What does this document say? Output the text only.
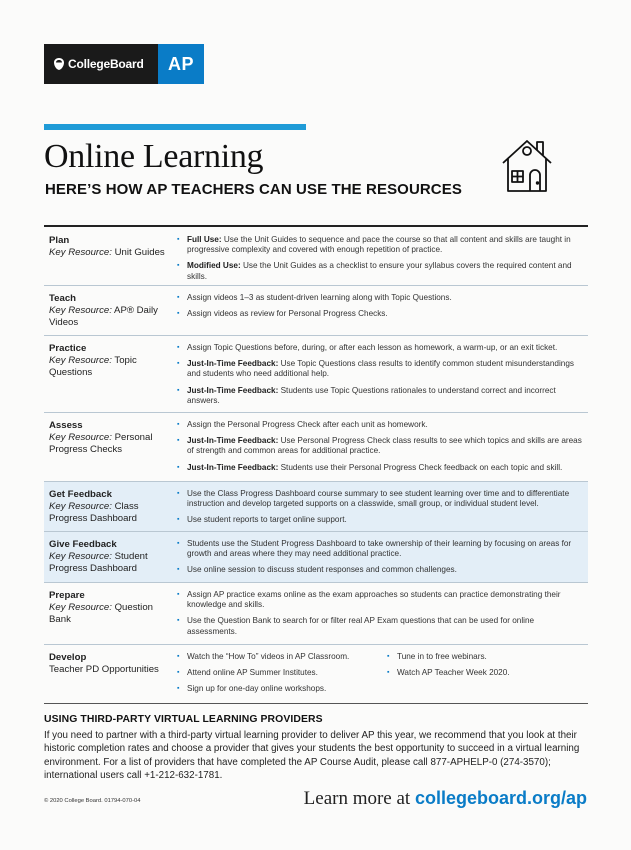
CollegeBoard	AP
Online Learning
HERE’S HOW AP TEACHERS CAN USE THE RESOURCES
Plan
Key Resource: Unit Guides
▪ Full Use: Use the Unit Guides to sequence and pace the course so that all content and skills are taught in progressive complexity and covered with enough repetition of practice.
▪ Modified Use: Use the Unit Guides as a checklist to ensure your syllabus covers the required content and skills.
Teach
Key Resource: AP® Daily Videos
▪ Assign videos 1–3 as student-driven learning along with Topic Questions.
▪ Assign videos as review for Personal Progress Checks.
Practice
Key Resource: Topic Questions
▪ Assign Topic Questions before, during, or after each lesson as homework, a warm-up, or an exit ticket.
▪ Just-In-Time Feedback: Use Topic Questions class results to identify common student misunderstandings and students who need additional help.
▪ Just-In-Time Feedback: Students use Topic Questions rationales to understand correct and incorrect answers.
Assess
Key Resource: Personal Progress Checks
▪ Assign the Personal Progress Check after each unit as homework.
▪ Just-In-Time Feedback: Use Personal Progress Check class results to see which topics and skills are areas of strength and common areas for additional practice.
▪ Just-In-Time Feedback: Students use their Personal Progress Check feedback on each topic and skill.
Get Feedback
Key Resource: Class Progress Dashboard
▪ Use the Class Progress Dashboard course summary to see student learning over time and to differentiate instruction and develop targeted supports on a classwide, small group, or individual student level.
▪ Use student reports to target online support.
Give Feedback
Key Resource: Student Progress Dashboard
▪ Students use the Student Progress Dashboard to take ownership of their learning by focusing on areas for growth and areas where they may need additional practice.
▪ Use online session to discuss student responses and common challenges.
Prepare
Key Resource: Question Bank
▪ Assign AP practice exams online as the exam approaches so students can practice demonstrating their knowledge and skills.
▪ Use the Question Bank to search for or filter real AP Exam questions that can be used for online assessments.
Develop
Teacher PD Opportunities
▪ Watch the “How To” videos in AP Classroom.
▪ Attend online AP Summer Institutes.
▪ Sign up for one-day online workshops.
▪ Tune in to free webinars.
▪ Watch AP Teacher Week 2020.
USING THIRD-PARTY VIRTUAL LEARNING PROVIDERS

If you need to partner with a third-party virtual learning provider to deliver AP this year, we recommend that you look at their historic completion rates and choose a provider that gives your students the best opportunity to succeed in a virtual learning environment. For a list of providers that have completed the AP Course Audit, please call 877-APHELP-0 (274-3570); international users call +1-212-632-1781.

© 2020 College Board. 01794-070-04	Learn more at collegeboard.org/ap
